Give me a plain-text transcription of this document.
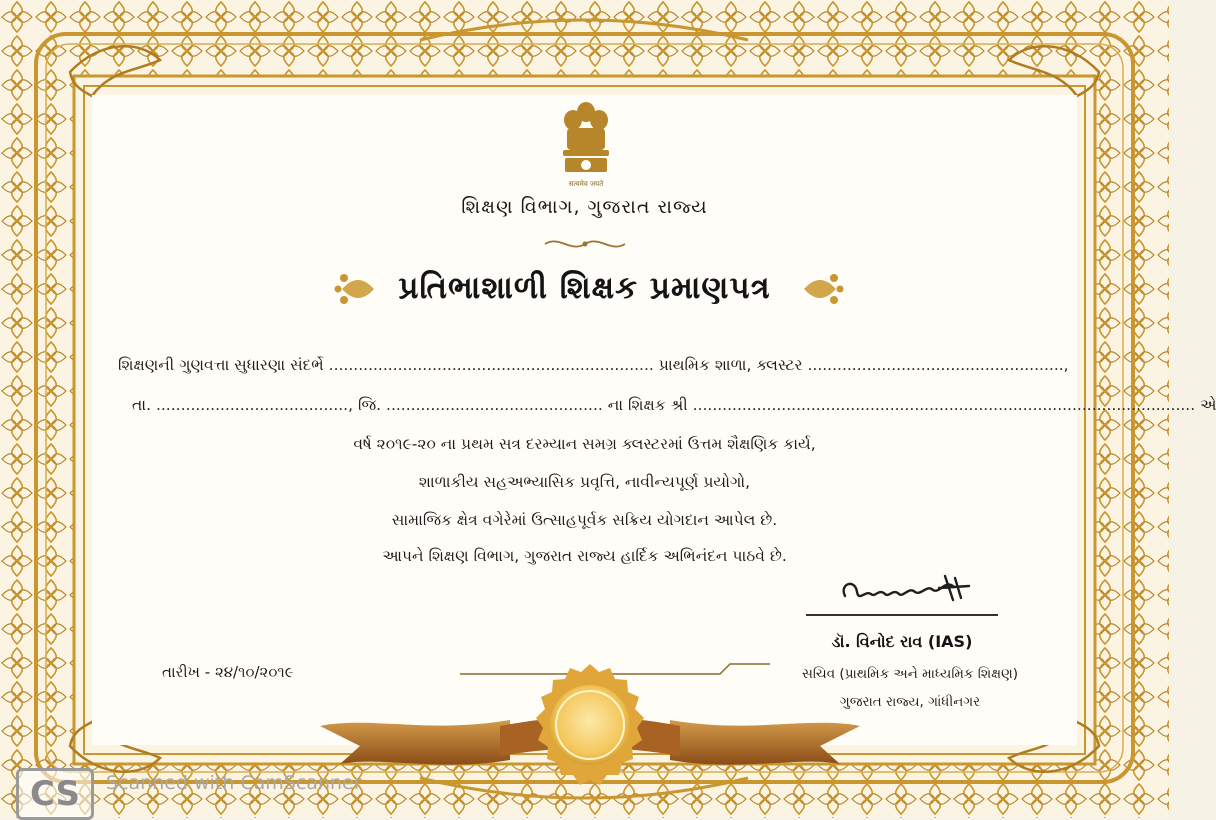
सत्यमेव जयते
શિક્ષણ વિભાગ, ગુજરાત રાજ્ય
પ્રતિભાશાળી શિક્ષક પ્રમાણપત્ર
શિક્ષણની ગુણવત્તા સુધારણા સંદર્ભે .................................................................. પ્રાથમિક શાળા, ક્લસ્ટર ....................................................,
તા. ......................................., જિ. ............................................ ના શિક્ષક શ્રી ...................................................................................................... એ
વર્ષ ૨૦૧૯-૨૦ ના પ્રથમ સત્ર દરમ્યાન સમગ્ર ક્લસ્ટરમાં ઉત્તમ શૈક્ષણિક કાર્ય,
શાળાકીય સહઅભ્યાસિક પ્રવૃત્તિ, નાવીન્યપૂર્ણ પ્રયોગો,
સામાજિક ક્ષેત્ર વગેરેમાં ઉત્સાહપૂર્વક સક્રિય યોગદાન આપેલ છે.
આપને શિક્ષણ વિભાગ, ગુજરાત રાજ્ય હાર્દિક અભિનંદન પાઠવે છે.
ડૉ. વિનોદ રાવ (IAS)
સચિવ (પ્રાથમિક અને માધ્યમિક શિક્ષણ)
ગુજરાત રાજ્ય, ગાંધીનગર
તારીખ - ૨૪/૧૦/૨૦૧૯
CS	Scanned with CamScanner
